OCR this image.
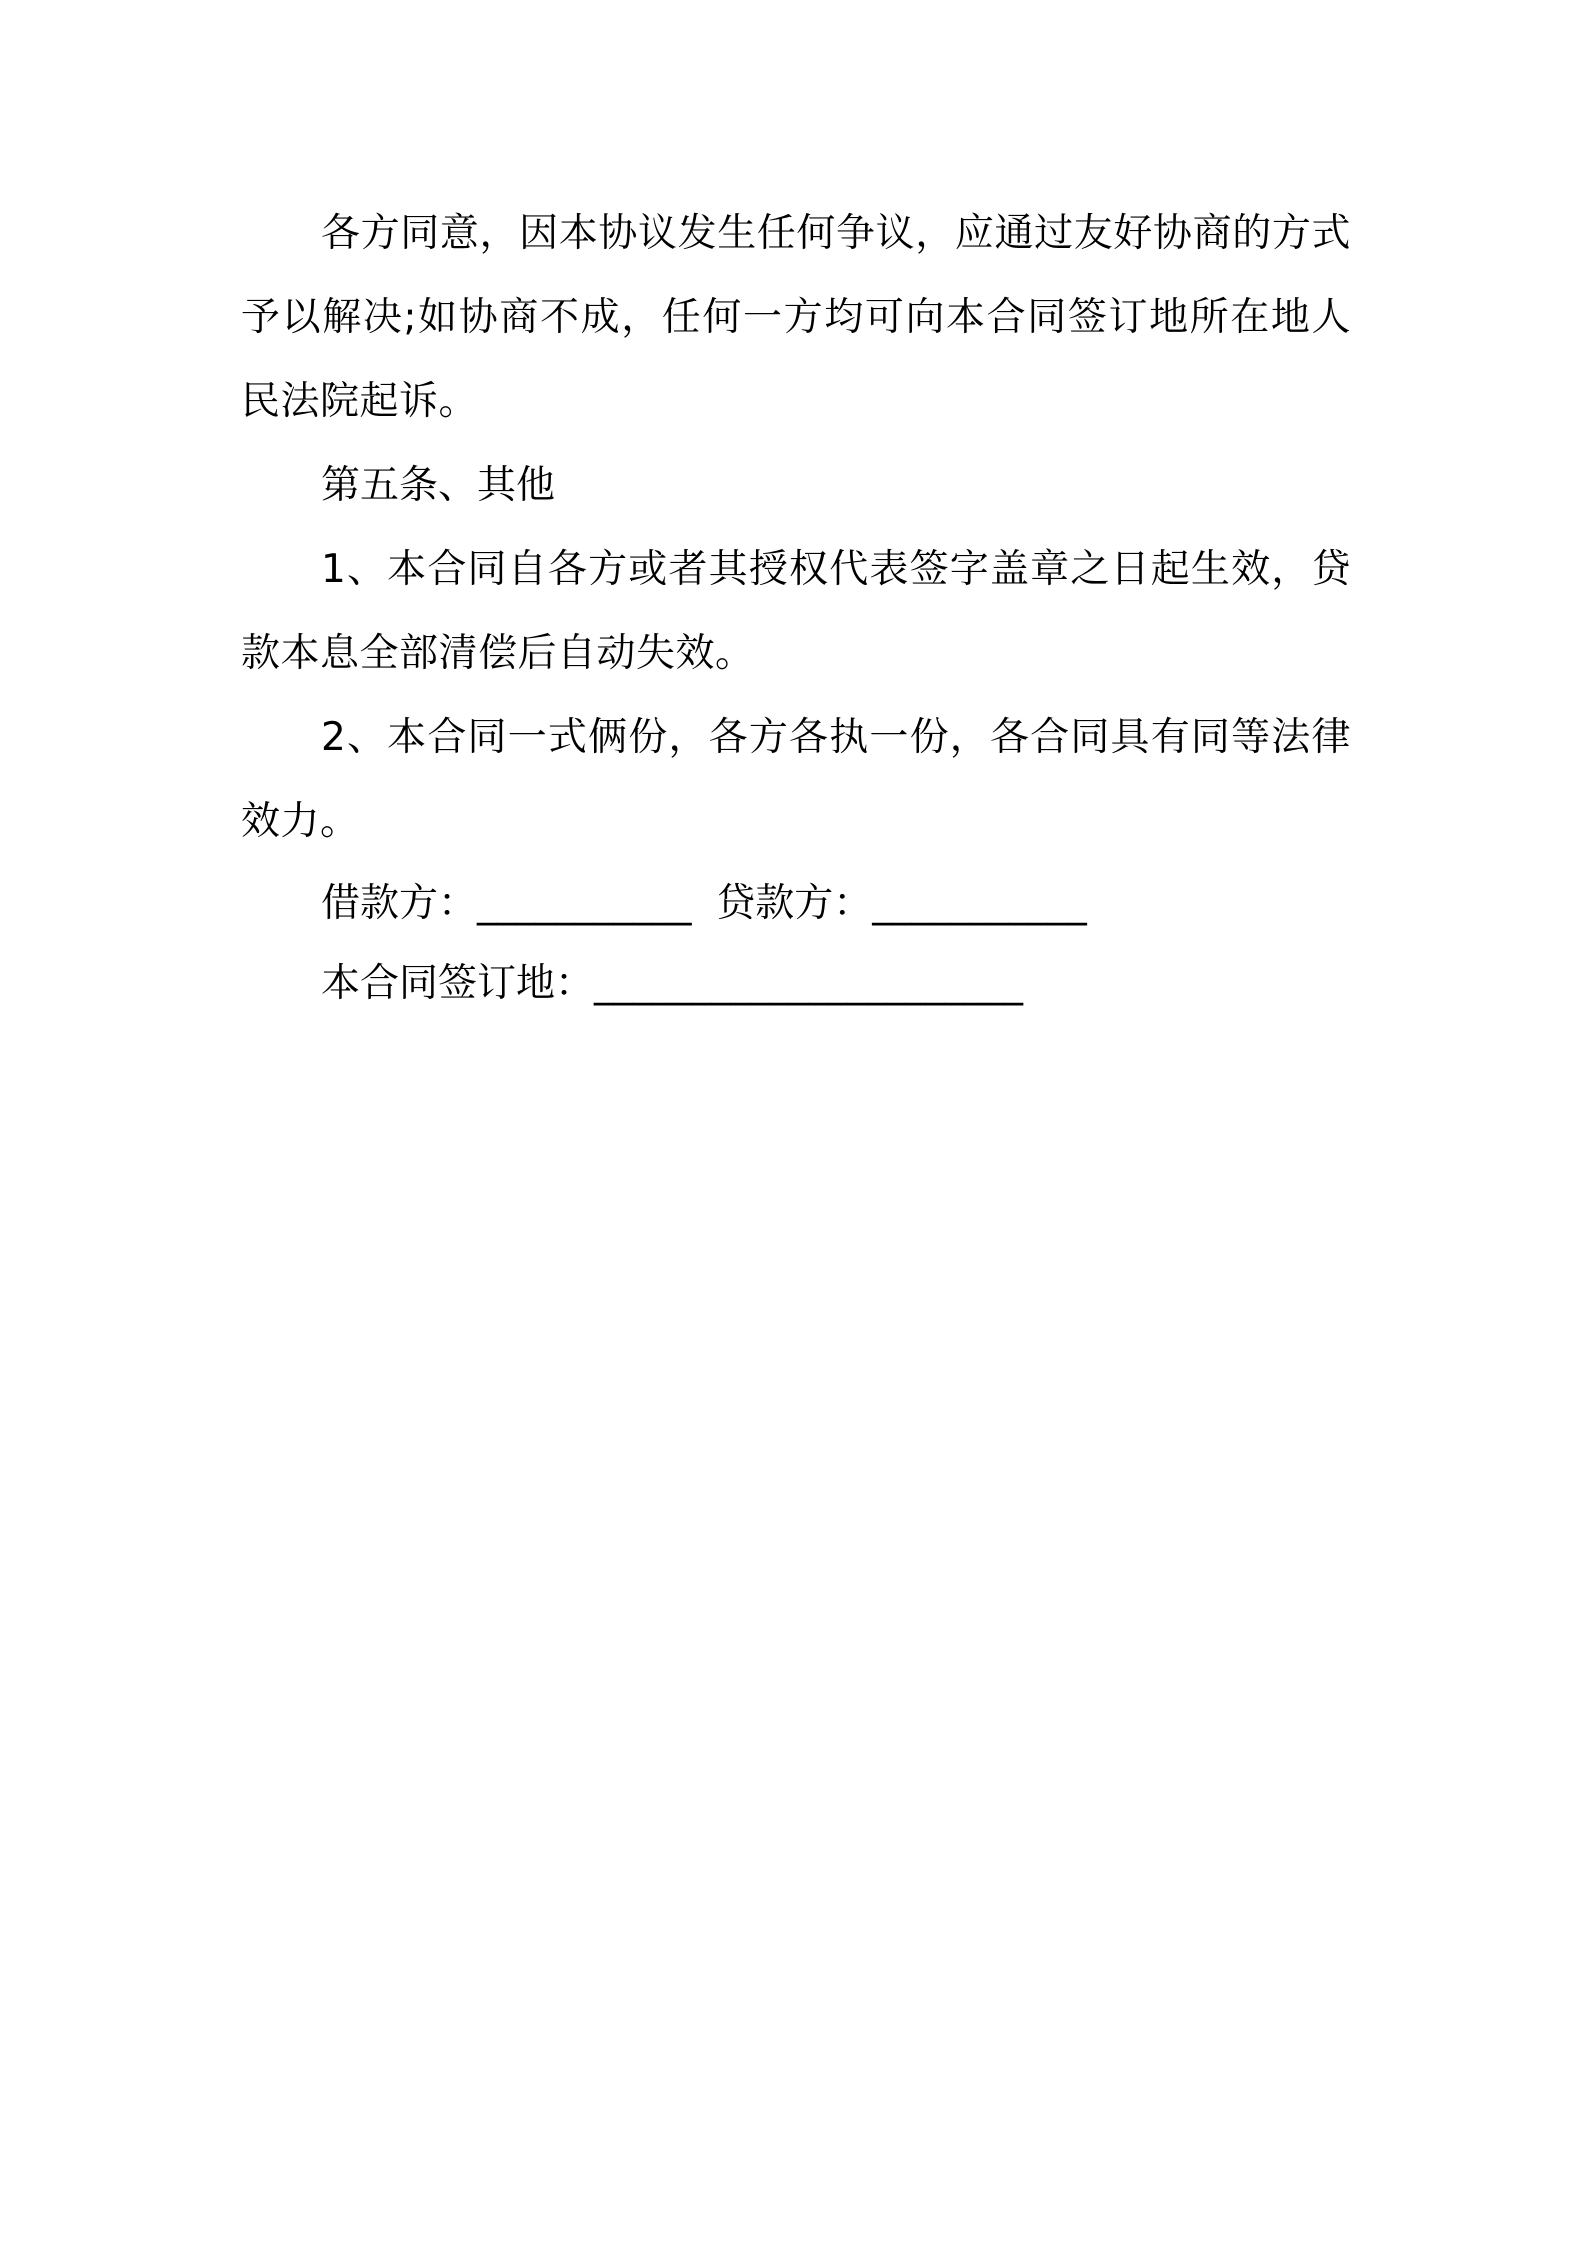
各方同意，因本协议发生任何争议，应通过友好协商的方式予以解决;如协商不成，任何一方均可向本合同签订地所在地人民法院起诉。

第五条、其他

1、本合同自各方或者其授权代表签字盖章之日起生效，贷款本息全部清偿后自动失效。

2、本合同一式俩份，各方各执一份，各合同具有同等法律效力。

借款方：___________  贷款方：___________

本合同签订地：______________________
